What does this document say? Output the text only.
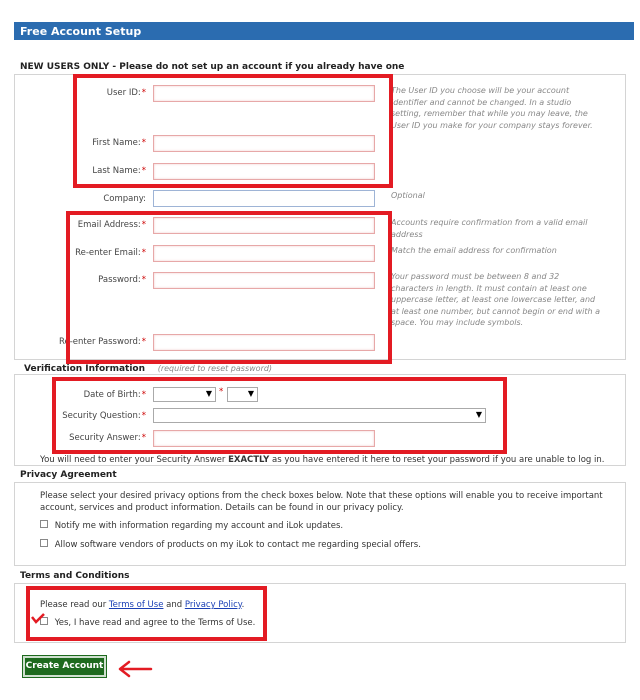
Free Account Setup
NEW USERS ONLY - Please do not set up an account if you already have one
User ID:*	The User ID you choose will be your account identifier and cannot be changed. In a studio setting, remember that while you may leave, the User ID you make for your company stays forever.
First Name:*
Last Name:*
Company:	Optional
Email Address:*	Accounts require confirmation from a valid email address
Re-enter Email:*	Match the email address for confirmation
Password:*	Your password must be between 8 and 32 characters in length. It must contain at least one uppercase letter, at least one lowercase letter, and at least one number, but cannot begin or end with a space. You may include symbols.
Re-enter Password:*
Verification Information (required to reset password)
Date of Birth:*	▼ *	▼
Security Question:*	▼
Security Answer:*
You will need to enter your Security Answer EXACTLY as you have entered it here to reset your password if you are unable to log in.
Privacy Agreement
Please select your desired privacy options from the check boxes below. Note that these options will enable you to receive important account, services and product information. Details can be found in our privacy policy.
Notify me with information regarding my account and iLok updates.
Allow software vendors of products on my iLok to contact me regarding special offers.
Terms and Conditions
Please read our Terms of Use and Privacy Policy.
Yes, I have read and agree to the Terms of Use.
Create Account
